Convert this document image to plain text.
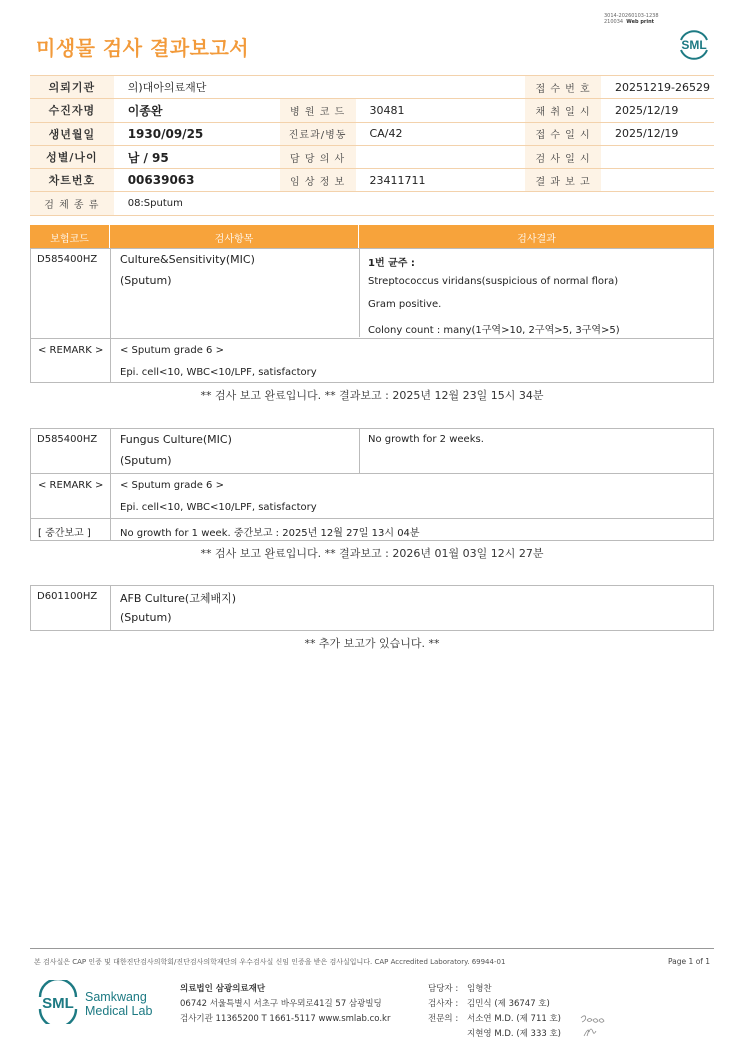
3014-20260103-1238
210034 Web print
미생물 검사 결과보고서	SML
의뢰기관	의)대아의료재단			접 수 번 호	20251219-26529
수진자명	이종완	병 원 코 드	30481	채 취 일 시	2025/12/19
생년월일	1930/09/25	진료과/병동	CA/42	접 수 일 시	2025/12/19
성별/나이	남 / 95	담 당 의 사		검 사 일 시	
차트번호	00639063	임 상 정 보	23411711	결 과 보 고	
검 체 종 류	08:Sputum				
보험코드	검사항목	검사결과
D585400HZ Culture&Sensitivity(MIC)
(Sputum)
1번 균주 :
Streptococcus viridans(suspicious of normal flora)
Gram positive.
Colony count : many(1구역>10, 2구역>5, 3구역>5)
< REMARK > < Sputum grade 6 >
Epi. cell<10, WBC<10/LPF, satisfactory
** 검사 보고 완료입니다. ** 결과보고 : 2025년 12월 23일 15시 34분
D585400HZ Fungus Culture(MIC)
(Sputum)
No growth for 2 weeks.
< REMARK > < Sputum grade 6 >
Epi. cell<10, WBC<10/LPF, satisfactory
[ 중간보고 ]	No growth for 1 week. 중간보고 : 2025년 12월 27일 13시 04분
** 검사 보고 완료입니다. ** 결과보고 : 2026년 01월 03일 12시 27분
D601100HZ AFB Culture(고체배지)
(Sputum)
** 추가 보고가 있습니다. **
본 검사실은 CAP 인증 및 대한진단검사의학회/진단검사의학재단의 우수검사실 신임 인증을 받은 검사실입니다. CAP Accredited Laboratory. 69944-01	Page 1 of 1
SML Samkwang
Medical Lab
의료법인 삼광의료재단
06742 서울특별시 서초구 바우뫼로41길 57 삼광빌딩
검사기관 11365200 T 1661-5117 www.smlab.co.kr
담당자 : 임형찬
검사자 : 김민식 (제 36747 호)
전문의 : 서소연 M.D. (제 711 호)
지현영 M.D. (제 333 호)
